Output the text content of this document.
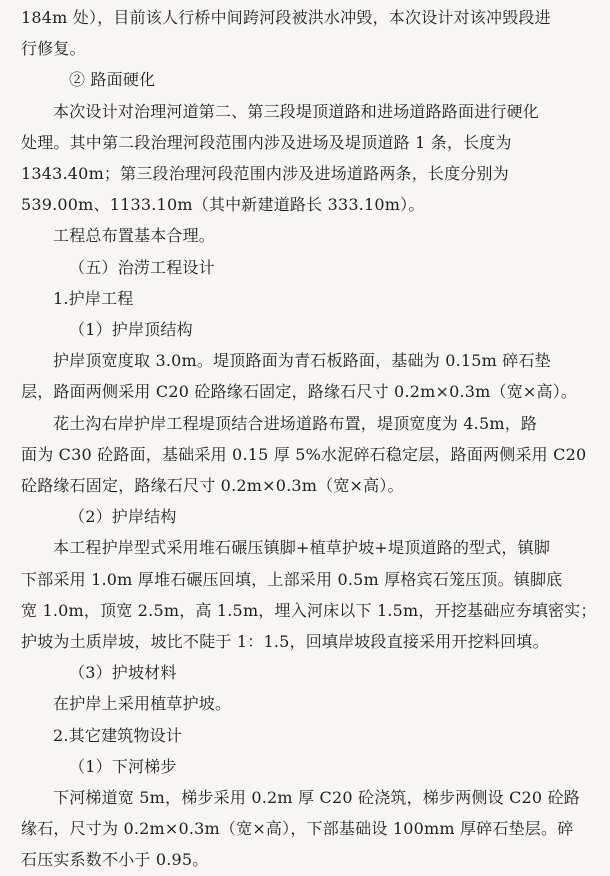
184m 处），目前该人行桥中间跨河段被洪水冲毁，本次设计对该冲毁段进

行修复。

② 路面硬化

本次设计对治理河道第二、第三段堤顶道路和进场道路路面进行硬化

处理。其中第二段治理河段范围内涉及进场及堤顶道路 1 条，长度为

1343.40m；第三段治理河段范围内涉及进场道路两条，长度分别为

539.00m、1133.10m（其中新建道路长 333.10m）。

工程总布置基本合理。

（五）治涝工程设计

1.护岸工程

（1）护岸顶结构

护岸顶宽度取 3.0m。堤顶路面为青石板路面，基础为 0.15m 碎石垫

层，路面两侧采用 C20 砼路缘石固定，路缘石尺寸 0.2m×0.3m（宽×高）。

花土沟右岸护岸工程堤顶结合进场道路布置，堤顶宽度为 4.5m，路

面为 C30 砼路面，基础采用 0.15 厚 5%水泥碎石稳定层，路面两侧采用 C20

砼路缘石固定，路缘石尺寸 0.2m×0.3m（宽×高）。

（2）护岸结构

本工程护岸型式采用堆石碾压镇脚+植草护坡+堤顶道路的型式，镇脚

下部采用 1.0m 厚堆石碾压回填，上部采用 0.5m 厚格宾石笼压顶。镇脚底

宽 1.0m，顶宽 2.5m，高 1.5m，埋入河床以下 1.5m，开挖基础应夯填密实；

护坡为土质岸坡，坡比不陡于 1：1.5，回填岸坡段直接采用开挖料回填。

（3）护坡材料

在护岸上采用植草护坡。

2.其它建筑物设计

（1）下河梯步

下河梯道宽 5m，梯步采用 0.2m 厚 C20 砼浇筑，梯步两侧设 C20 砼路

缘石，尺寸为 0.2m×0.3m（宽×高），下部基础设 100mm 厚碎石垫层。碎

石压实系数不小于 0.95。
